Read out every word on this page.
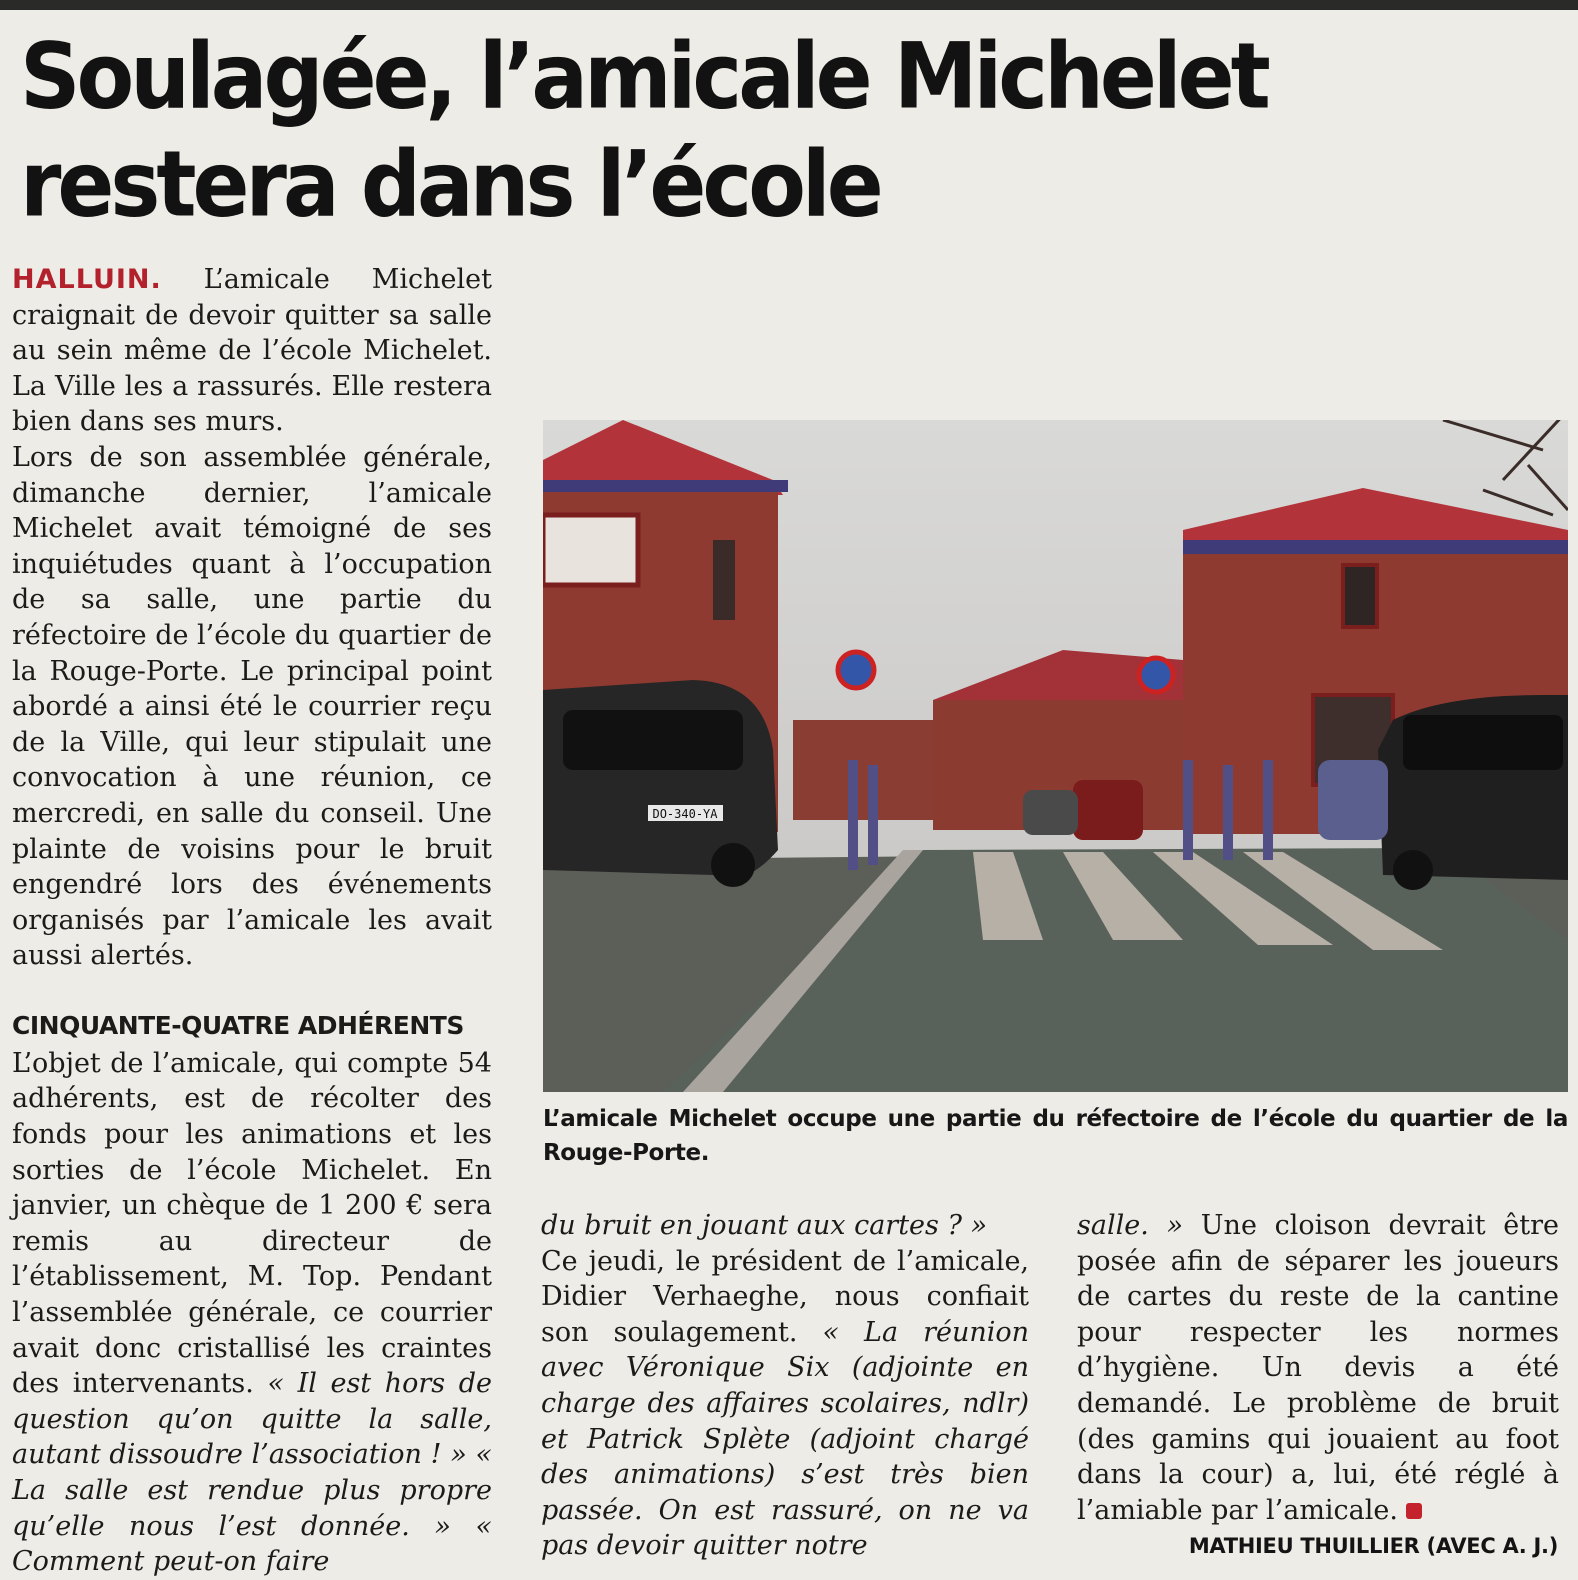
Soulagée, l’amicale Michelet
restera dans l’école

HALLUIN. L’amicale Michelet craignait de devoir quitter sa salle au sein même de l’école Michelet. La Ville les a rassurés. Elle restera bien dans ses murs.

Lors de son assemblée générale, dimanche dernier, l’amicale Michelet avait témoigné de ses inquiétudes quant à l’occupation de sa salle, une partie du réfectoire de l’école du quartier de la Rouge-Porte. Le principal point abordé a ainsi été le courrier reçu de la Ville, qui leur stipulait une convocation à une réunion, ce mercredi, en salle du conseil. Une plainte de voisins pour le bruit engendré lors des événements organisés par l’amicale les avait aussi alertés.

CINQUANTE-QUATRE ADHÉRENTS

L’objet de l’amicale, qui compte 54 adhérents, est de récolter des fonds pour les animations et les sorties de l’école Michelet. En janvier, un chèque de 1 200 € sera remis au directeur de l’établissement, M. Top. Pendant l’assemblée générale, ce courrier avait donc cristallisé les craintes des intervenants. « Il est hors de question qu’on quitte la salle, autant dissoudre l’association ! » « La salle est rendue plus propre qu’elle nous l’est donnée. » « Comment peut-on faire

DO-340-YA
L’amicale Michelet occupe une partie du réfectoire de l’école du quartier de la Rouge-Porte.

du bruit en jouant aux cartes ? »

Ce jeudi, le président de l’amicale, Didier Verhaeghe, nous confiait son soulagement. « La réunion avec Véronique Six (adjointe en charge des affaires scolaires, ndlr) et Patrick Splète (adjoint chargé des animations) s’est très bien passée. On est rassuré, on ne va pas devoir quitter notre

salle. » Une cloison devrait être posée afin de séparer les joueurs de cartes du reste de la cantine pour respecter les normes d’hygiène. Un devis a été demandé. Le problème de bruit (des gamins qui jouaient au foot dans la cour) a, lui, été réglé à l’amiable par l’amicale.

MATHIEU THUILLIER (AVEC A. J.)
